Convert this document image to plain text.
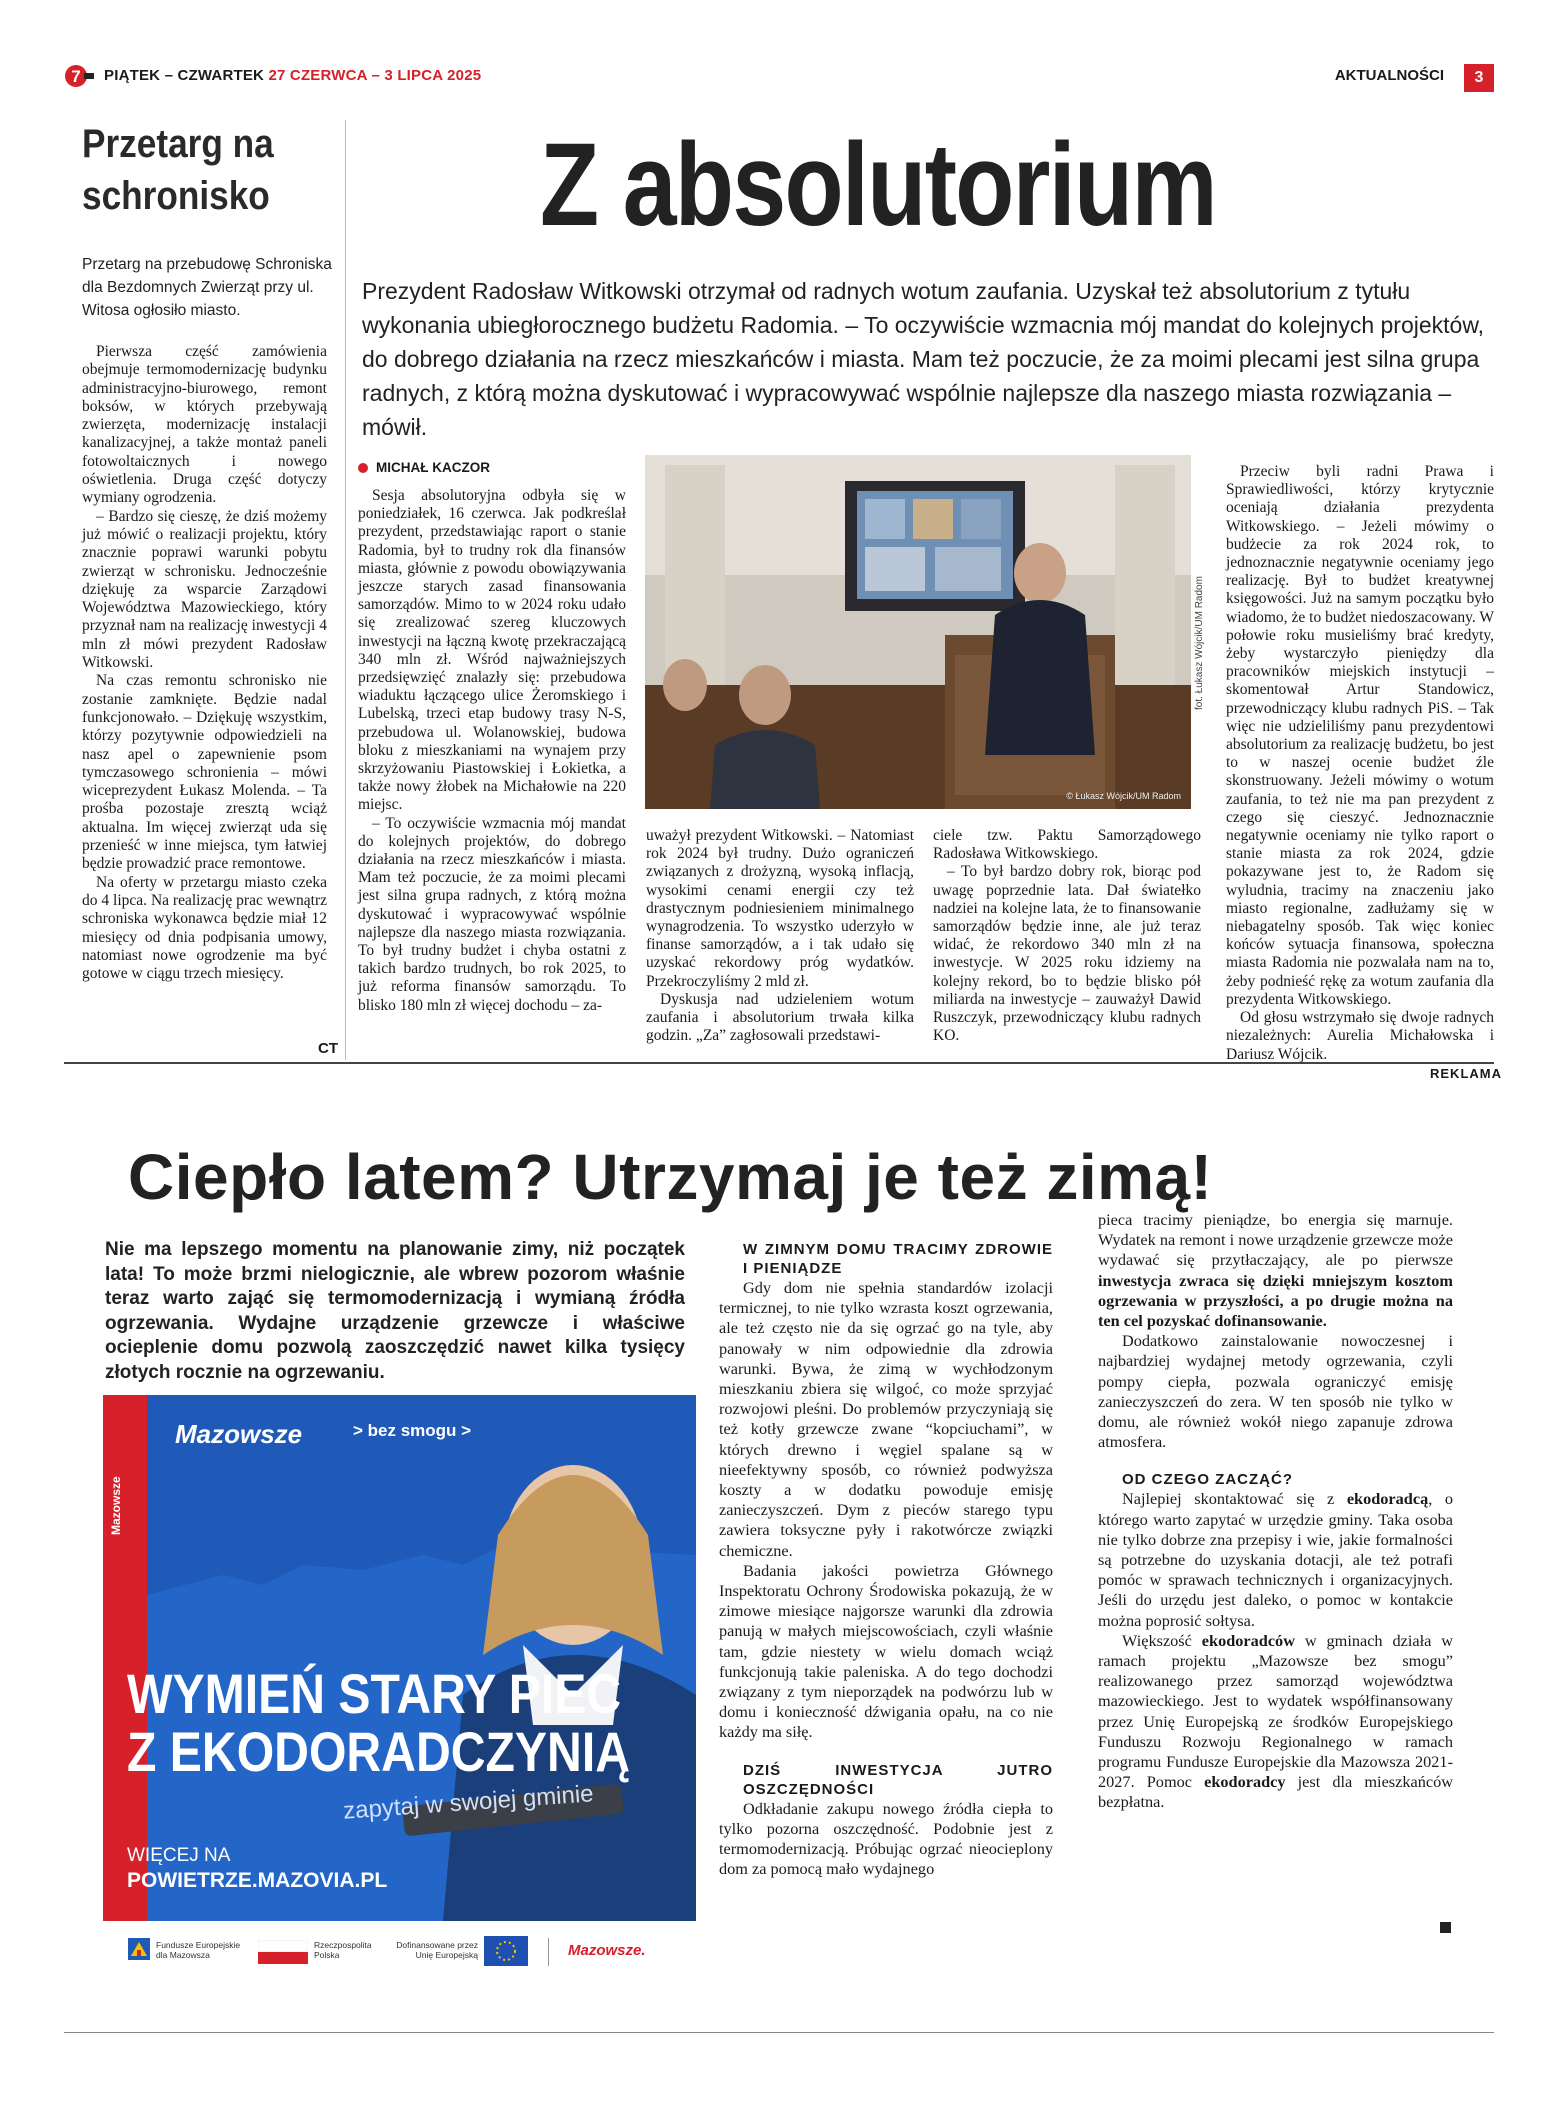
7 PIĄTEK – CZWARTEK 27 CZERWCA – 3 LIPCA 2025	AKTUALNOŚCI	3
Przetarg na schronisko
Przetarg na przebudowę Schroniska dla Bezdomnych Zwierząt przy ul. Witosa ogłosiło miasto.

Pierwsza część zamówienia obejmuje termomodernizację budynku administracyjno-biurowego, remont boksów, w których przebywają zwierzęta, modernizację instalacji kanalizacyjnej, a także montaż paneli fotowoltaicznych i nowego oświetlenia. Druga część dotyczy wymiany ogrodzenia.

– Bardzo się cieszę, że dziś możemy już mówić o realizacji projektu, który znacznie poprawi warunki pobytu zwierząt w schronisku. Jednocześnie dziękuję za wsparcie Zarządowi Województwa Mazowieckiego, który przyznał nam na realizację inwestycji 4 mln zł mówi prezydent Radosław Witkowski.

Na czas remontu schronisko nie zostanie zamknięte. Będzie nadal funkcjonowało. – Dziękuję wszystkim, którzy pozytywnie odpowiedzieli na nasz apel o zapewnienie psom tymczasowego schronienia – mówi wiceprezydent Łukasz Molenda. – Ta prośba pozostaje zresztą wciąż aktualna. Im więcej zwierząt uda się przenieść w inne miejsca, tym łatwiej będzie prowadzić prace remontowe.

Na oferty w przetargu miasto czeka do 4 lipca. Na realizację prac wewnątrz schroniska wykonawca będzie miał 12 miesięcy od dnia podpisania umowy, natomiast nowe ogrodzenie ma być gotowe w ciągu trzech miesięcy.

CT
Z absolutorium
Prezydent Radosław Witkowski otrzymał od radnych wotum zaufania. Uzyskał też absolutorium z tytułu wykonania ubiegłorocznego budżetu Radomia. – To oczywiście wzmacnia mój mandat do kolejnych projektów, do dobrego działania na rzecz mieszkańców i miasta. Mam też poczucie, że za moimi plecami jest silna grupa radnych, z którą można dyskutować i wypracowywać wspólnie najlepsze dla naszego miasta rozwiązania – mówił.
MICHAŁ KACZOR

Sesja absolutoryjna odbyła się w poniedziałek, 16 czerwca. Jak podkreślał prezydent, przedstawiając raport o stanie Radomia, był to trudny rok dla finansów miasta, głównie z powodu obowiązywania jeszcze starych zasad finansowania samorządów. Mimo to w 2024 roku udało się zrealizować szereg kluczowych inwestycji na łączną kwotę przekraczającą 340 mln zł. Wśród najważniejszych przedsięwzięć znalazły się: przebudowa wiaduktu łączącego ulice Żeromskiego i Lubelską, trzeci etap budowy trasy N-S, przebudowa ul. Wolanowskiej, budowa bloku z mieszkaniami na wynajem przy skrzyżowaniu Piastowskiej i Łokietka, a także nowy żłobek na Michałowie na 220 miejsc.

– To oczywiście wzmacnia mój mandat do kolejnych projektów, do dobrego działania na rzecz mieszkańców i miasta. Mam też poczucie, że za moimi plecami jest silna grupa radnych, z którą można dyskutować i wypracowywać wspólnie najlepsze dla naszego miasta rozwiązania. To był trudny budżet i chyba ostatni z takich bardzo trudnych, bo rok 2025, to już reforma finansów samorządu. To blisko 180 mln zł więcej dochodu – za-

© Łukasz Wójcik/UM Radom
fot. Łukasz Wójcik/UM Radom

uważył prezydent Witkowski. – Natomiast rok 2024 był trudny. Dużo ograniczeń związanych z drożyzną, wysoką inflacją, wysokimi cenami energii czy też drastycznym podniesieniem minimalnego wynagrodzenia. To wszystko uderzyło w finanse samorządów, a i tak udało się uzyskać rekordowy próg wydatków. Przekroczyliśmy 2 mld zł.

Dyskusja nad udzieleniem wotum zaufania i absolutorium trwała kilka godzin. „Za” zagłosowali przedstawi-

ciele tzw. Paktu Samorządowego Radosława Witkowskiego.

– To był bardzo dobry rok, biorąc pod uwagę poprzednie lata. Dał światełko nadziei na kolejne lata, że to finansowanie samorządów będzie inne, ale już teraz widać, że rekordowo 340 mln zł na inwestycje. W 2025 roku idziemy na kolejny rekord, bo to będzie blisko pół miliarda na inwestycje – zauważył Dawid Ruszczyk, przewodniczący klubu radnych KO.

Przeciw byli radni Prawa i Sprawiedliwości, którzy krytycznie oceniają działania prezydenta Witkowskiego. – Jeżeli mówimy o budżecie za rok 2024 rok, to jednoznacznie negatywnie oceniamy jego realizację. Był to budżet kreatywnej księgowości. Już na samym początku było wiadomo, że to budżet niedoszacowany. W połowie roku musieliśmy brać kredyty, żeby wystarczyło pieniędzy dla pracowników miejskich instytucji – skomentował Artur Standowicz, przewodniczący klubu radnych PiS. – Tak więc nie udzieliliśmy panu prezydentowi absolutorium za realizację budżetu, bo jest to w naszej ocenie budżet źle skonstruowany. Jeżeli mówimy o wotum zaufania, to też nie ma pan prezydent z czego się cieszyć. Jednoznacznie negatywnie oceniamy nie tylko raport o stanie miasta za rok 2024, gdzie pokazywane jest to, że Radom się wyludnia, tracimy na znaczeniu jako miasto regionalne, zadłużamy się w niebagatelny sposób. Tak więc koniec końców sytuacja finansowa, społeczna miasta Radomia nie pozwalała nam na to, żeby podnieść rękę za wotum zaufania dla prezydenta Witkowskiego.

Od głosu wstrzymało się dwoje radnych niezależnych: Aurelia Michałowska i Dariusz Wójcik.

REKLAMA
Ciepło latem? Utrzymaj je też zimą!
Nie ma lepszego momentu na planowanie zimy, niż początek lata! To może brzmi nielogicznie, ale wbrew pozorom właśnie teraz warto zająć się termomodernizacją i wymianą źródła ogrzewania. Wydajne urządzenie grzewcze i właściwe ocieplenie domu pozwolą zaoszczędzić nawet kilka tysięcy złotych rocznie na ogrzewaniu.
Mazowsze
Mazowsze	> bez smogu >
WYMIEŃ STARY PIEC
Z EKODORADCZYNIĄ
zapytaj w swojej gminie
WIĘCEJ NA
POWIETRZE.MAZOVIA.PL
Fundusze Europejskie
dla Mazowsza
Rzeczpospolita
Polska
Dofinansowane przez
Unię Europejską	Mazowsze.
W ZIMNYM DOMU TRACIMY ZDROWIE I PIENIĄDZE

Gdy dom nie spełnia standardów izolacji termicznej, to nie tylko wzrasta koszt ogrzewania, ale też często nie da się ogrzać go na tyle, aby panowały w nim odpowiednie dla zdrowia warunki. Bywa, że zimą w wychłodzonym mieszkaniu zbiera się wilgoć, co może sprzyjać rozwojowi pleśni. Do problemów przyczyniają się też kotły grzewcze zwane “kopciuchami”, w których drewno i węgiel spalane są w nieefektywny sposób, co również podwyższa koszty a w dodatku powoduje emisję zanieczyszczeń. Dym z pieców starego typu zawiera toksyczne pyły i rakotwórcze związki chemiczne.

Badania jakości powietrza Głównego Inspektoratu Ochrony Środowiska pokazują, że w zimowe miesiące najgorsze warunki dla zdrowia panują w małych miejscowościach, czyli właśnie tam, gdzie niestety w wielu domach wciąż funkcjonują takie paleniska. A do tego dochodzi związany z tym nieporządek na podwórzu lub w domu i konieczność dźwigania opału, na co nie każdy ma siłę.

DZIŚ INWESTYCJA JUTRO OSZCZĘDNOŚCI

Odkładanie zakupu nowego źródła ciepła to tylko pozorna oszczędność. Podobnie jest z termomodernizacją. Próbując ogrzać nieocieplony dom za pomocą mało wydajnego

pieca tracimy pieniądze, bo energia się marnuje. Wydatek na remont i nowe urządzenie grzewcze może wydawać się przytłaczający, ale po pierwsze inwestycja zwraca się dzięki mniejszym kosztom ogrzewania w przyszłości, a po drugie można na ten cel pozyskać dofinansowanie.

Dodatkowo zainstalowanie nowoczesnej i najbardziej wydajnej metody ogrzewania, czyli pompy ciepła, pozwala ograniczyć emisję zanieczyszczeń do zera. W ten sposób nie tylko w domu, ale również wokół niego zapanuje zdrowa atmosfera.

OD CZEGO ZACZĄĆ?

Najlepiej skontaktować się z ekodoradcą, o którego warto zapytać w urzędzie gminy. Taka osoba nie tylko dobrze zna przepisy i wie, jakie formalności są potrzebne do uzyskania dotacji, ale też potrafi pomóc w sprawach technicznych i organizacyjnych. Jeśli do urzędu jest daleko, o pomoc w kontakcie można poprosić sołtysa.

Większość ekodoradców w gminach działa w ramach projektu „Mazowsze bez smogu” realizowanego przez samorząd województwa mazowieckiego. Jest to wydatek współfinansowany przez Unię Europejską ze środków Europejskiego Funduszu Rozwoju Regionalnego w ramach programu Fundusze Europejskie dla Mazowsza 2021-2027. Pomoc ekodoradcy jest dla mieszkańców bezpłatna.
